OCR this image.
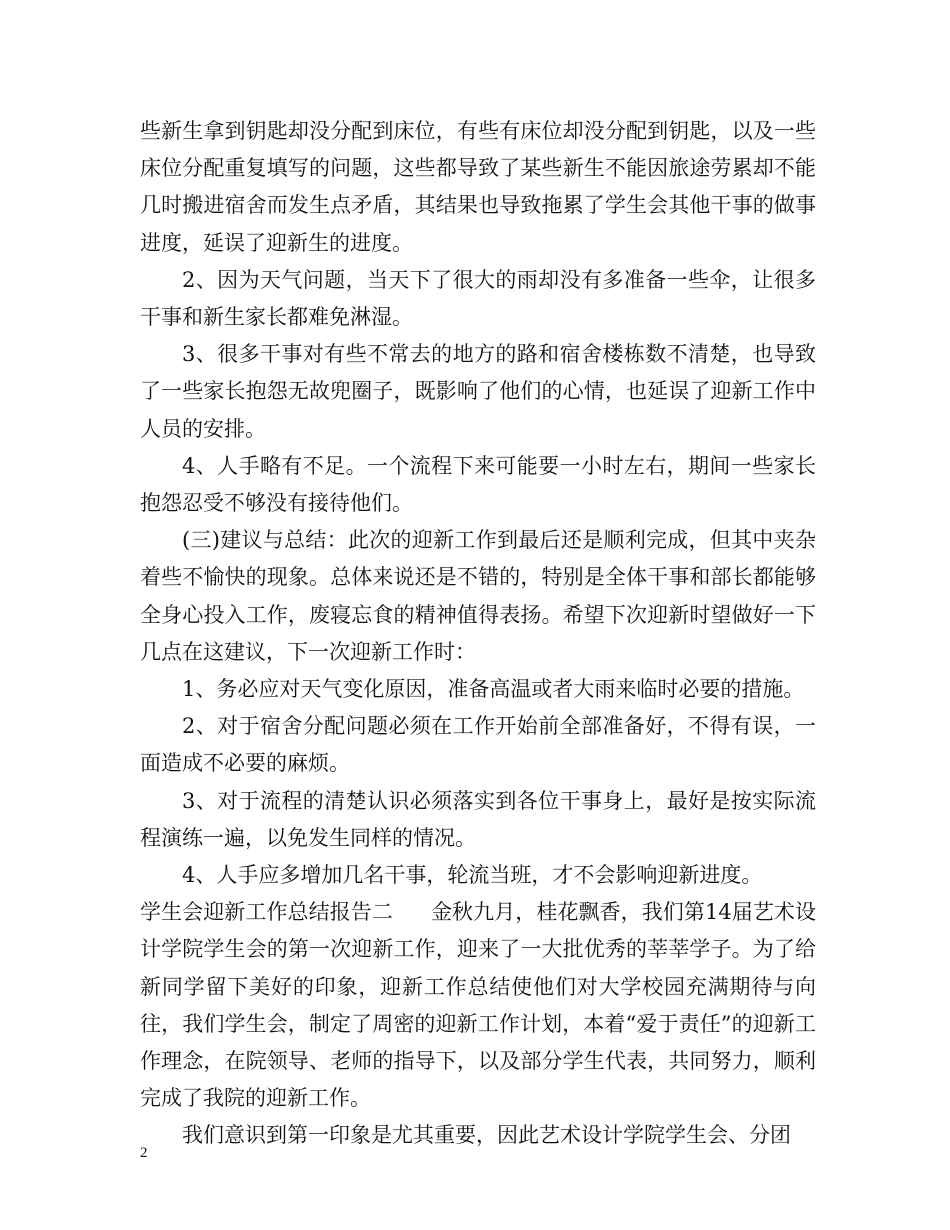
些新生拿到钥匙却没分配到床位，有些有床位却没分配到钥匙，以及一些床位分配重复填写的问题，这些都导致了某些新生不能因旅途劳累却不能几时搬进宿舍而发生点矛盾，其结果也导致拖累了学生会其他干事的做事进度，延误了迎新生的进度。

2、因为天气问题，当天下了很大的雨却没有多准备一些伞，让很多干事和新生家长都难免淋湿。

3、很多干事对有些不常去的地方的路和宿舍楼栋数不清楚，也导致了一些家长抱怨无故兜圈子，既影响了他们的心情，也延误了迎新工作中人员的安排。

4、人手略有不足。一个流程下来可能要一小时左右，期间一些家长抱怨忍受不够没有接待他们。

(三)建议与总结：此次的迎新工作到最后还是顺利完成，但其中夹杂着些不愉快的现象。总体来说还是不错的，特别是全体干事和部长都能够全身心投入工作，废寝忘食的精神值得表扬。希望下次迎新时望做好一下几点在这建议，下一次迎新工作时：

1、务必应对天气变化原因，准备高温或者大雨来临时必要的措施。

2、对于宿舍分配问题必须在工作开始前全部准备好，不得有误，一面造成不必要的麻烦。

3、对于流程的清楚认识必须落实到各位干事身上，最好是按实际流程演练一遍，以免发生同样的情况。

4、人手应多增加几名干事，轮流当班，才不会影响迎新进度。

学生会迎新工作总结报告二 金秋九月，桂花飘香，我们第14届艺术设计学院学生会的第一次迎新工作，迎来了一大批优秀的莘莘学子。为了给新同学留下美好的印象，迎新工作总结使他们对大学校园充满期待与向往，我们学生会，制定了周密的迎新工作计划，本着“爱于责任”的迎新工作理念，在院领导、老师的指导下，以及部分学生代表，共同努力，顺利完成了我院的迎新工作。

我们意识到第一印象是尤其重要，因此艺术设计学院学生会、分团

2
